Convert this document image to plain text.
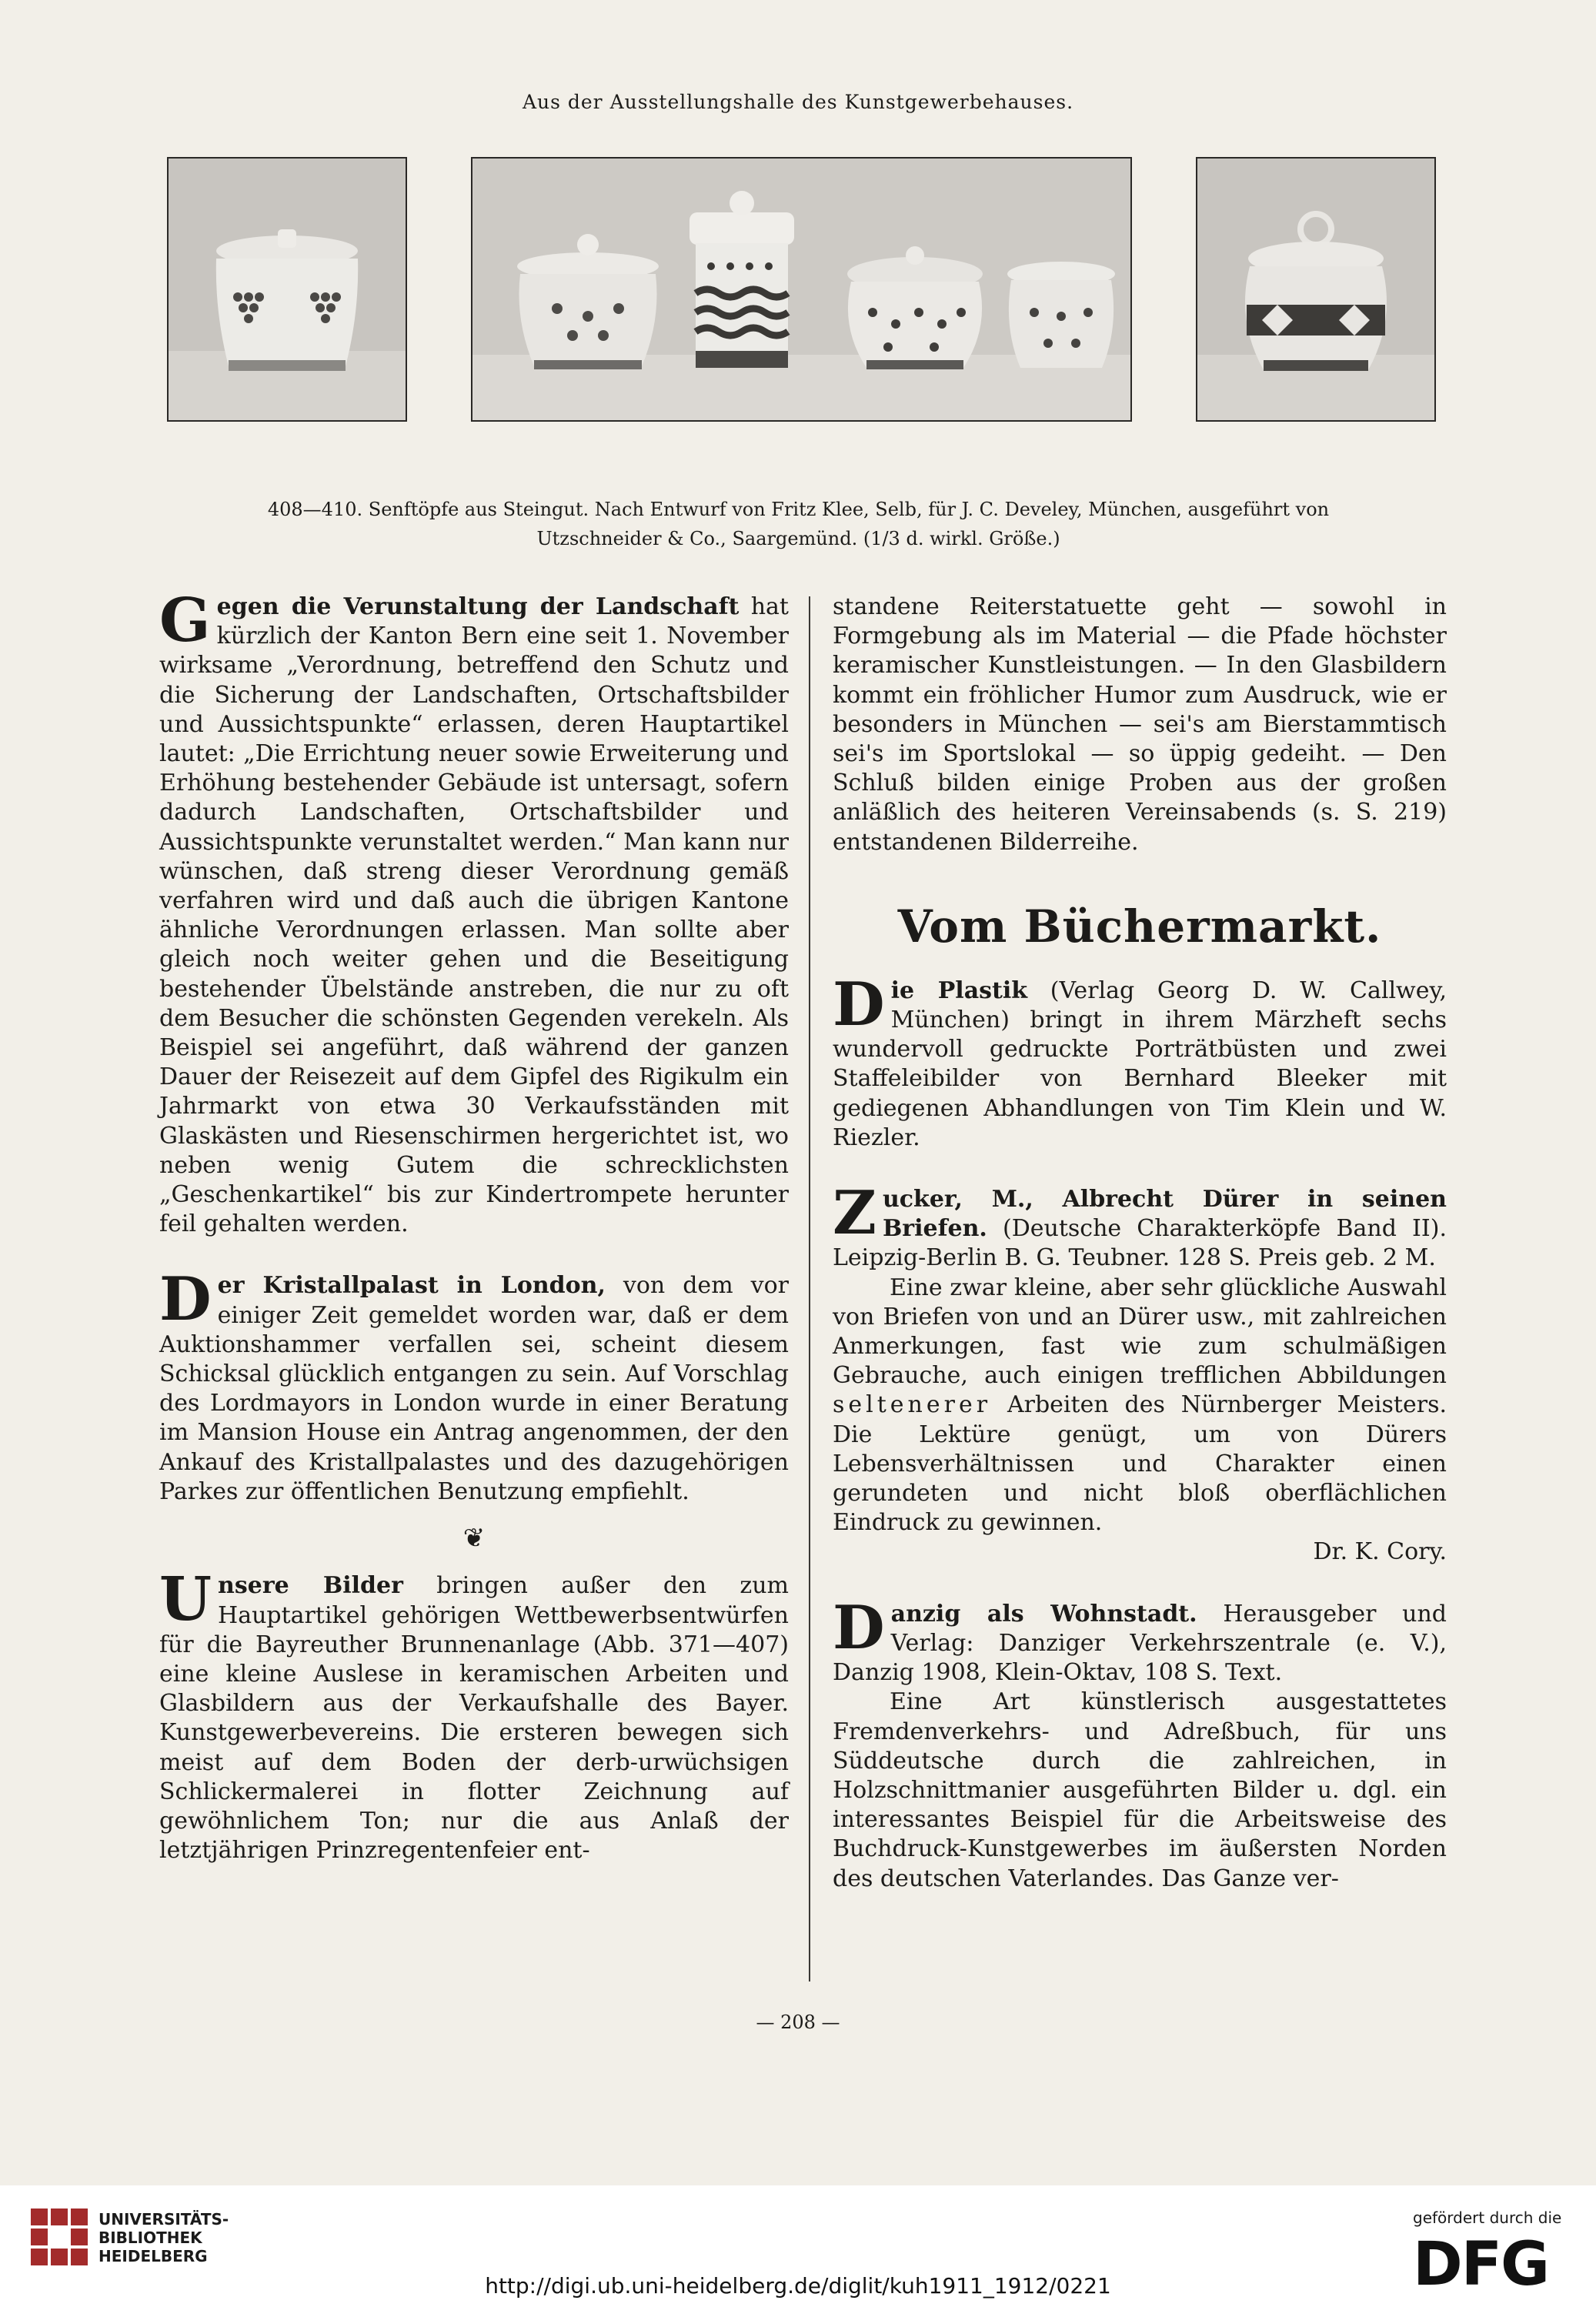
Aus der Ausstellungshalle des Kunstgewerbehauses.
408—410. Senftöpfe aus Steingut. Nach Entwurf von Fritz Klee, Selb, für J. C. Develey, München, ausgeführt von
Utzschneider & Co., Saargemünd. (1/3 d. wirkl. Größe.)

Gegen die Verunstaltung der Landschaft hat kürzlich der Kanton Bern eine seit 1. November wirksame „Verordnung, betreffend den Schutz und die Sicherung der Landschaften, Ortschaftsbilder und Aussichtspunkte“ erlassen, deren Hauptartikel lautet: „Die Errichtung neuer sowie Erweiterung und Erhöhung bestehender Gebäude ist untersagt, sofern dadurch Landschaften, Ortschaftsbilder und Aussichtspunkte verunstaltet werden.“ Man kann nur wünschen, daß streng dieser Verordnung gemäß verfahren wird und daß auch die übrigen Kantone ähnliche Verordnungen erlassen. Man sollte aber gleich noch weiter gehen und die Beseitigung bestehender Übelstände anstreben, die nur zu oft dem Besucher die schönsten Gegenden verekeln. Als Beispiel sei angeführt, daß während der ganzen Dauer der Reisezeit auf dem Gipfel des Rigikulm ein Jahrmarkt von etwa 30 Verkaufsständen mit Glaskästen und Riesenschirmen hergerichtet ist, wo neben wenig Gutem die schrecklichsten „Geschenkartikel“ bis zur Kindertrompete herunter feil gehalten werden.

Der Kristallpalast in London, von dem vor einiger Zeit gemeldet worden war, daß er dem Auktionshammer verfallen sei, scheint diesem Schicksal glücklich entgangen zu sein. Auf Vorschlag des Lordmayors in London wurde in einer Beratung im Mansion House ein Antrag angenommen, der den Ankauf des Kristallpalastes und des dazugehörigen Parkes zur öffentlichen Benutzung empfiehlt.

❦

Unsere Bilder bringen außer den zum Hauptartikel gehörigen Wettbewerbsentwürfen für die Bayreuther Brunnenanlage (Abb. 371—407) eine kleine Auslese in keramischen Arbeiten und Glasbildern aus der Verkaufshalle des Bayer. Kunstgewerbevereins. Die ersteren bewegen sich meist auf dem Boden der derb-urwüchsigen Schlickermalerei in flotter Zeichnung auf gewöhnlichem Ton; nur die aus Anlaß der letztjährigen Prinzregentenfeier ent-

standene Reiterstatuette geht — sowohl in Formgebung als im Material — die Pfade höchster keramischer Kunstleistungen. — In den Glasbildern kommt ein fröhlicher Humor zum Ausdruck, wie er besonders in München — sei's am Bierstammtisch sei's im Sportslokal — so üppig gedeiht. — Den Schluß bilden einige Proben aus der großen anläßlich des heiteren Vereinsabends (s. S. 219) entstandenen Bilderreihe.

Vom Büchermarkt.

Die Plastik (Verlag Georg D. W. Callwey, München) bringt in ihrem Märzheft sechs wundervoll gedruckte Porträtbüsten und zwei Staffeleibilder von Bernhard Bleeker mit gediegenen Abhandlungen von Tim Klein und W. Riezler.

Zucker, M., Albrecht Dürer in seinen Briefen. (Deutsche Charakterköpfe Band II). Leipzig-Berlin B. G. Teubner. 128 S. Preis geb. 2 M.

Eine zwar kleine, aber sehr glückliche Auswahl von Briefen von und an Dürer usw., mit zahlreichen Anmerkungen, fast wie zum schulmäßigen Gebrauche, auch einigen trefflichen Abbildungen seltenerer Arbeiten des Nürnberger Meisters. Die Lektüre genügt, um von Dürers Lebensverhältnissen und Charakter einen gerundeten und nicht bloß oberflächlichen Eindruck zu gewinnen.

Dr. K. Cory.

Danzig als Wohnstadt. Herausgeber und Verlag: Danziger Verkehrszentrale (e. V.), Danzig 1908, Klein-Oktav, 108 S. Text.

Eine Art künstlerisch ausgestattetes Fremdenverkehrs- und Adreßbuch, für uns Süddeutsche durch die zahlreichen, in Holzschnittmanier ausgeführten Bilder u. dgl. ein interessantes Beispiel für die Arbeitsweise des Buchdruck-Kunstgewerbes im äußersten Norden des deutschen Vaterlandes. Das Ganze ver-

— 208 —
UNIVERSITÄTS-
BIBLIOTHEK
HEIDELBERG
http://digi.ub.uni-heidelberg.de/diglit/kuh1911_1912/0221
gefördert durch die
DFG
